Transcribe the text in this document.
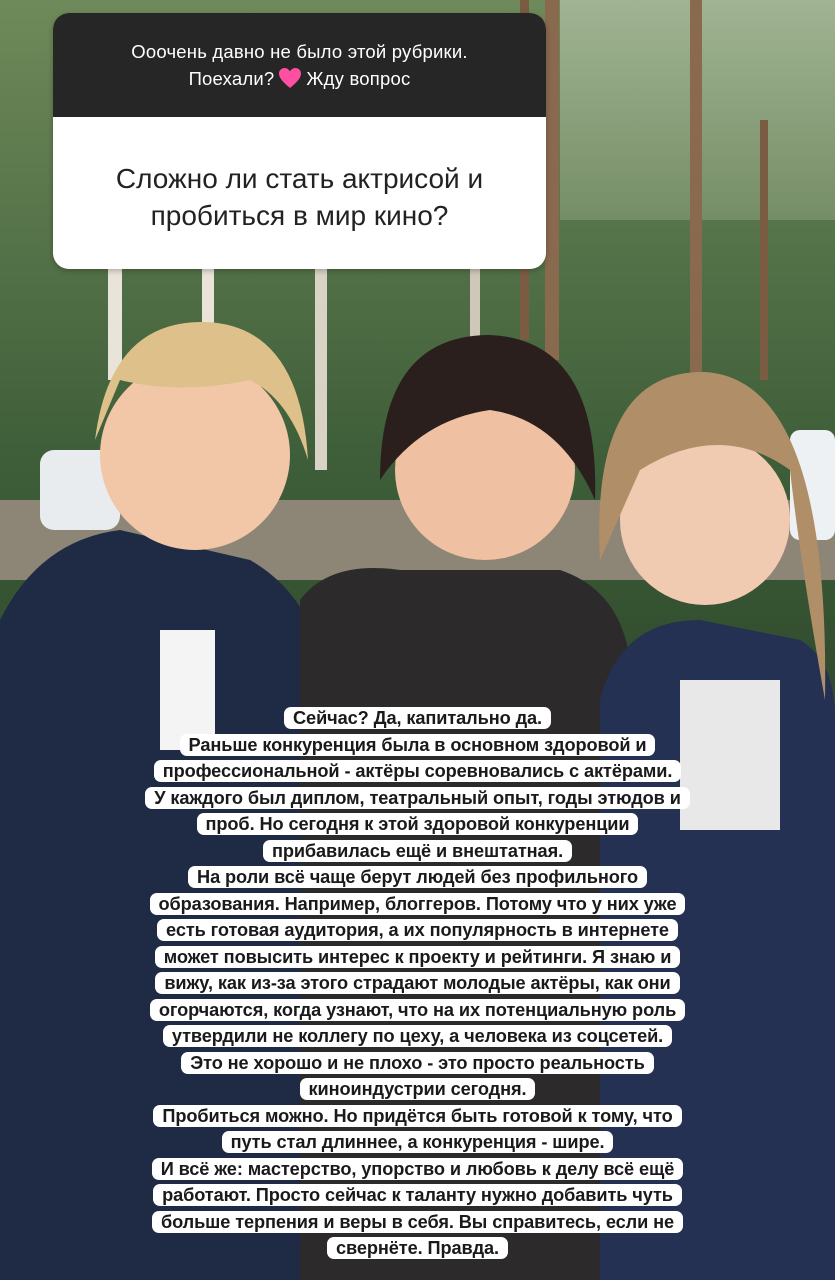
Ооочень давно не было этой рубрики.
Поехали? Жду вопрос
Сложно ли стать актрисой и пробиться в мир кино?
Сейчас? Да, капитально да.
Раньше конкуренция была в основном здоровой и
профессиональной - актёры соревновались с актёрами.
У каждого был диплом, театральный опыт, годы этюдов и
проб. Но сегодня к этой здоровой конкуренции
прибавилась ещё и внештатная.
На роли всё чаще берут людей без профильного
образования. Например, блоггеров. Потому что у них уже
есть готовая аудитория, а их популярность в интернете
может повысить интерес к проекту и рейтинги. Я знаю и
вижу, как из-за этого страдают молодые актёры, как они
огорчаются, когда узнают, что на их потенциальную роль
утвердили не коллегу по цеху, а человека из соцсетей.
Это не хорошо и не плохо - это просто реальность
киноиндустрии сегодня.
Пробиться можно. Но придётся быть готовой к тому, что
путь стал длиннее, а конкуренция - шире.
И всё же: мастерство, упорство и любовь к делу всё ещё
работают. Просто сейчас к таланту нужно добавить чуть
больше терпения и веры в себя. Вы справитесь, если не
свернёте. Правда.
